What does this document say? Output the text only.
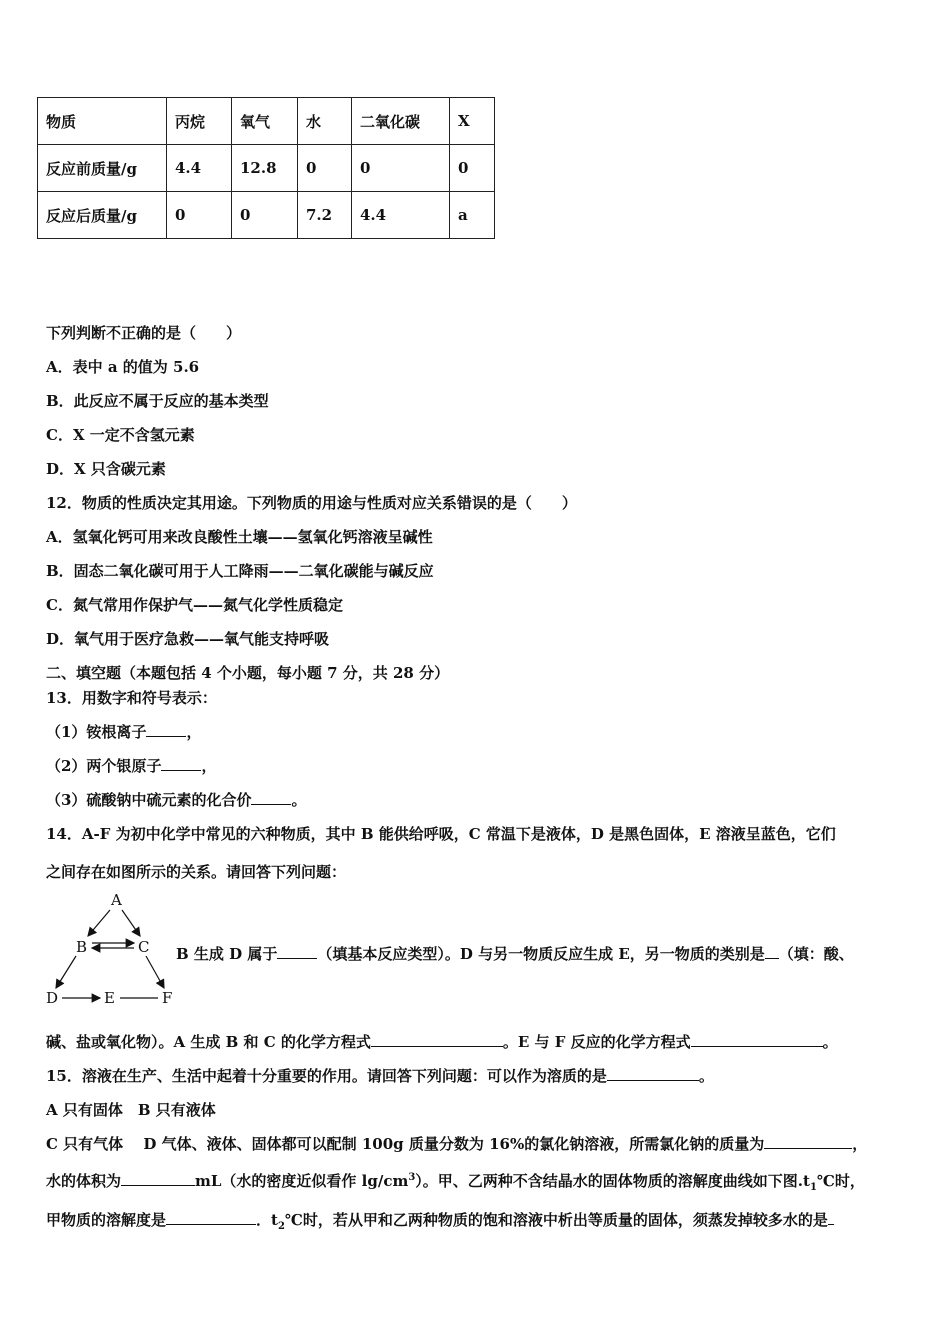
物质	丙烷	氧气	水	二氧化碳	X
反应前质量/g	4.4	12.8	0	0	0
反应后质量/g	0	0	7.2	4.4	a
下列判断不正确的是（　　）
A．表中 a 的值为 5.6
B．此反应不属于反应的基本类型
C．X 一定不含氢元素
D．X 只含碳元素
12．物质的性质决定其用途。下列物质的用途与性质对应关系错误的是（　　）
A．氢氧化钙可用来改良酸性土壤——氢氧化钙溶液呈碱性
B．固态二氧化碳可用于人工降雨——二氧化碳能与碱反应
C．氮气常用作保护气——氮气化学性质稳定
D．氧气用于医疗急救——氧气能支持呼吸
二、填空题（本题包括 4 个小题，每小题 7 分，共 28 分）
13．用数字和符号表示：
（1）铵根离子	，
（2）两个银原子	，
（3）硫酸钠中硫元素的化合价	。
14．A-F 为初中化学中常见的六种物质，其中 B 能供给呼吸，C 常温下是液体，D 是黑色固体，E 溶液呈蓝色，它们
之间存在如图所示的关系。请回答下列问题：
A
B	C
D	E	F
B 生成 D 属于	（填基本反应类型）。D 与另一物质反应生成 E，另一物质的类别是 （填：酸、
碱、盐或氧化物）。A 生成 B 和 C 的化学方程式	。E 与 F 反应的化学方程式	。
15．溶液在生产、生活中起着十分重要的作用。请回答下列问题：可以作为溶质的是	。
A 只有固体　B 只有液体
C 只有气体　 D 气体、液体、固体都可以配制 100g 质量分数为 16%的氯化钠溶液，所需氯化钠的质量为	，
水的体积为	mL（水的密度近似看作 $\lg/cm^3$）。甲、乙两种不含结晶水的固体物质的溶解度曲线如下图$.t_1℃$时，
甲物质的溶解度是	．$t_2℃$时，若从甲和乙两种物质的饱和溶液中析出等质量的固体，须蒸发掉较多水的是
